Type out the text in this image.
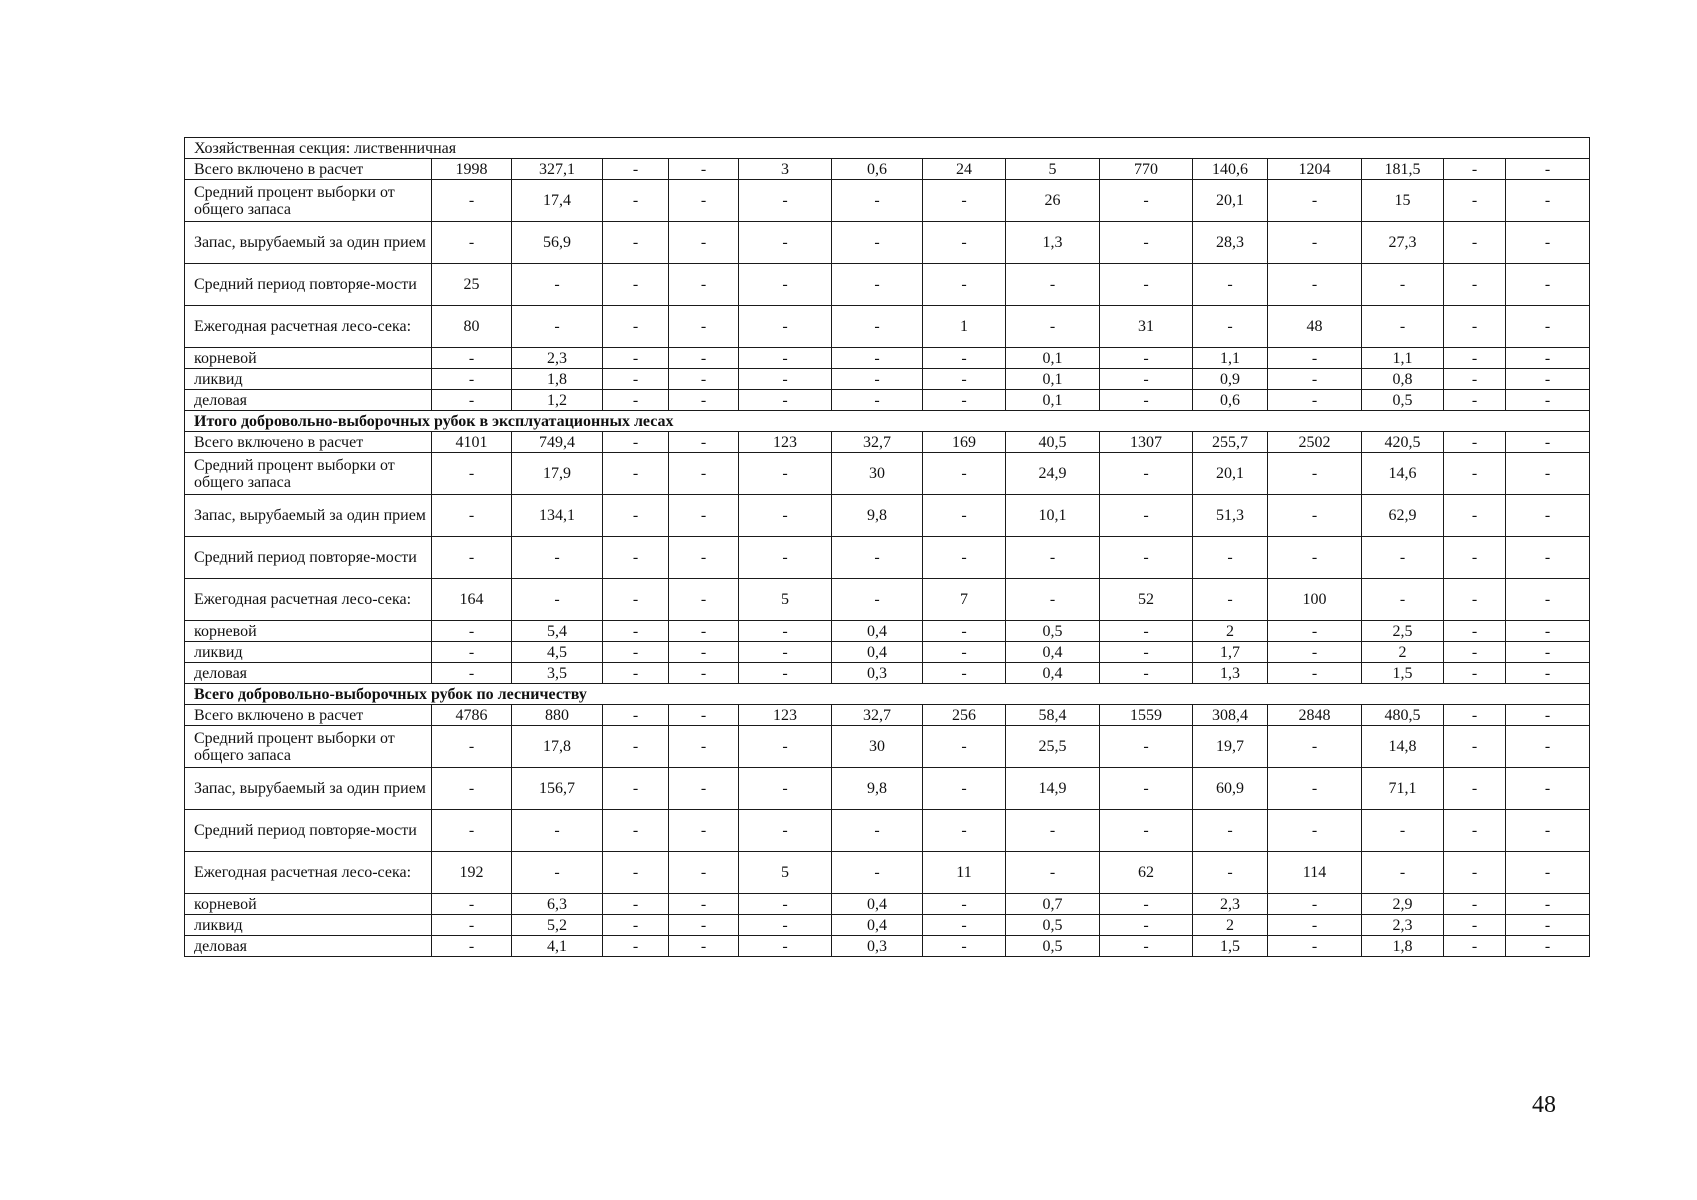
Хозяйственная секция: лиственничная														
Всего включено в расчет	1998	327,1	-	-	3	0,6	24	5	770	140,6	1204	181,5	-	-
Средний процент выборки от общего запаса	-	17,4	-	-	-	-	-	26	-	20,1	-	15	-	-
Запас, вырубаемый за один прием	-	56,9	-	-	-	-	-	1,3	-	28,3	-	27,3	-	-
Средний период повторяе-мости	25	-	-	-	-	-	-	-	-	-	-	-	-	-
Ежегодная расчетная лесо-сека:	80	-	-	-	-	-	1	-	31	-	48	-	-	-
корневой	-	2,3	-	-	-	-	-	0,1	-	1,1	-	1,1	-	-
ликвид	-	1,8	-	-	-	-	-	0,1	-	0,9	-	0,8	-	-
деловая	-	1,2	-	-	-	-	-	0,1	-	0,6	-	0,5	-	-
Итого добровольно-выборочных рубок в эксплуатационных лесах														
Всего включено в расчет	4101	749,4	-	-	123	32,7	169	40,5	1307	255,7	2502	420,5	-	-
Средний процент выборки от общего запаса	-	17,9	-	-	-	30	-	24,9	-	20,1	-	14,6	-	-
Запас, вырубаемый за один прием	-	134,1	-	-	-	9,8	-	10,1	-	51,3	-	62,9	-	-
Средний период повторяе-мости	-	-	-	-	-	-	-	-	-	-	-	-	-	-
Ежегодная расчетная лесо-сека:	164	-	-	-	5	-	7	-	52	-	100	-	-	-
корневой	-	5,4	-	-	-	0,4	-	0,5	-	2	-	2,5	-	-
ликвид	-	4,5	-	-	-	0,4	-	0,4	-	1,7	-	2	-	-
деловая	-	3,5	-	-	-	0,3	-	0,4	-	1,3	-	1,5	-	-
Всего добровольно-выборочных рубок по лесничеству														
Всего включено в расчет	4786	880	-	-	123	32,7	256	58,4	1559	308,4	2848	480,5	-	-
Средний процент выборки от общего запаса	-	17,8	-	-	-	30	-	25,5	-	19,7	-	14,8	-	-
Запас, вырубаемый за один прием	-	156,7	-	-	-	9,8	-	14,9	-	60,9	-	71,1	-	-
Средний период повторяе-мости	-	-	-	-	-	-	-	-	-	-	-	-	-	-
Ежегодная расчетная лесо-сека:	192	-	-	-	5	-	11	-	62	-	114	-	-	-
корневой	-	6,3	-	-	-	0,4	-	0,7	-	2,3	-	2,9	-	-
ликвид	-	5,2	-	-	-	0,4	-	0,5	-	2	-	2,3	-	-
деловая	-	4,1	-	-	-	0,3	-	0,5	-	1,5	-	1,8	-	-
48
